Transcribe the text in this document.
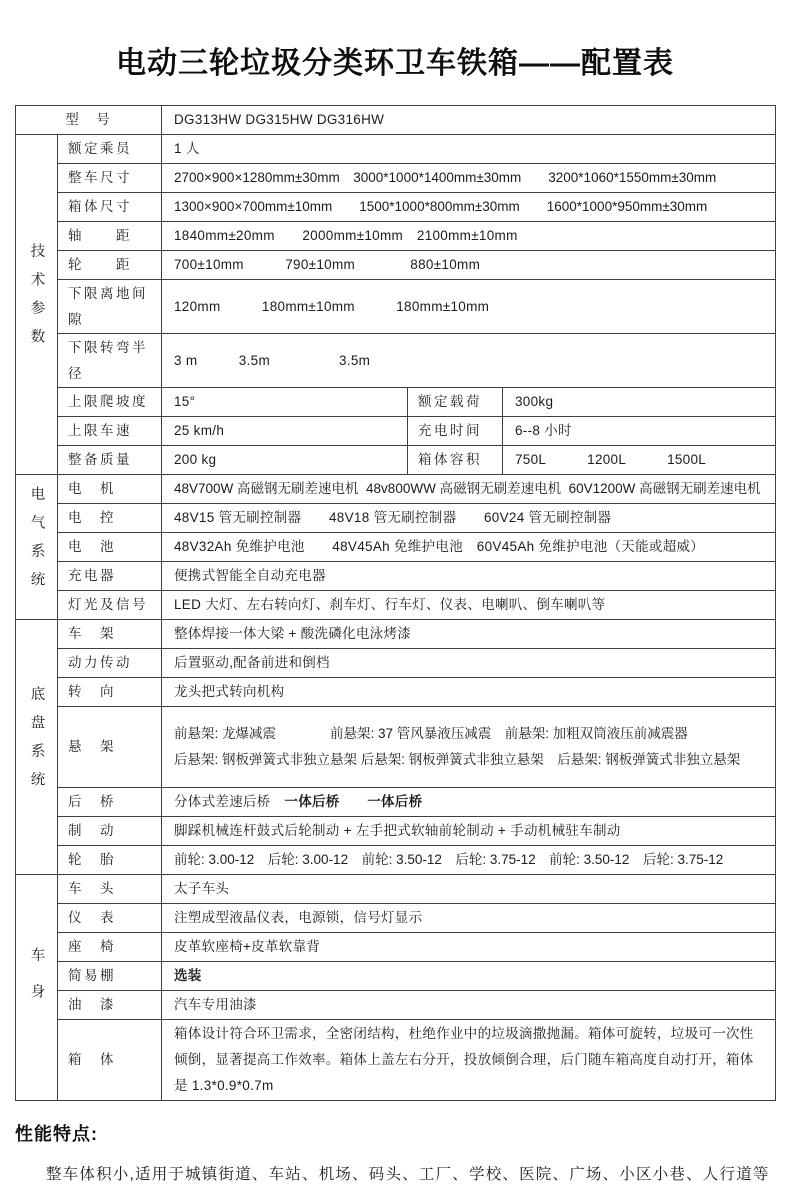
电动三轮垃圾分类环卫车铁箱——配置表
型　号		DG313HW DG315HW DG316HW		
技术参数	额定乘员	1 人		
	整车尺寸	2700×900×1280mm±30mm　3000*1000*1400mm±30mm　　3200*1060*1550mm±30mm		
	箱体尺寸	1300×900×700mm±10mm　　1500*1000*800mm±30mm　　1600*1000*950mm±30mm		
	轴　　距	1840mm±20mm　　2000mm±10mm　2100mm±10mm		
	轮　　距	700±10mm　　　790±10mm　　　　880±10mm		
	下限离地间隙	120mm　　　180mm±10mm　　　180mm±10mm		
	下限转弯半径	3 m　　　3.5m　　　　　3.5m		
	上限爬坡度	15°	额定载荷	300kg
	上限车速	25 km/h	充电时间	6--8 小时
	整备质量	200 kg	箱体容积	750L　　　1200L　　　1500L
电气系统	电　机	48V700W 高磁钢无刷差速电机  48v800WW 高磁钢无刷差速电机  60V1200W 高磁钢无刷差速电机		
	电　控	48V15 管无刷控制器　　48V18 管无刷控制器　　60V24 管无刷控制器		
	电　池	48V32Ah 免维护电池　　48V45Ah 免维护电池　60V45Ah 免维护电池（天能或超威）		
	充电器	便携式智能全自动充电器		
	灯光及信号	LED 大灯、左右转向灯、刹车灯、行车灯、仪表、电喇叭、倒车喇叭等		
底盘系统	车　架	整体焊接一体大梁 + 酸洗磷化电泳烤漆		
	动力传动	后置驱动,配备前进和倒档		
	转　向	龙头把式转向机构		
	悬　架	前悬架: 龙爆减震　　　　前悬架: 37 管风暴液压减震　前悬架: 加粗双筒液压前减震器
后悬架: 钢板弹簧式非独立悬架 后悬架: 钢板弹簧式非独立悬架　后悬架: 钢板弹簧式非独立悬架		
	后　桥	分体式差速后桥　一体后桥　　一体后桥		
	制　动	脚踩机械连杆鼓式后轮制动 + 左手把式软轴前轮制动 + 手动机械驻车制动		
	轮　胎	前轮: 3.00-12　后轮: 3.00-12　前轮: 3.50-12　后轮: 3.75-12　前轮: 3.50-12　后轮: 3.75-12		
车身	车　头	太子车头		
	仪　表	注塑成型液晶仪表，电源锁，信号灯显示		
	座　椅	皮革软座椅+皮革软靠背		
	简易棚	选装		
	油　漆	汽车专用油漆		
	箱　体	箱体设计符合环卫需求，全密闭结构，杜绝作业中的垃圾滴撒抛漏。箱体可旋转，垃圾可一次性倾倒，显著提高工作效率。箱体上盖左右分开，投放倾倒合理，后门随车箱高度自动打开，箱体是 1.3*0.9*0.7m		
性能特点:
整车体积小,适用于城镇街道、车站、机场、码头、工厂、学校、医院、广场、小区小巷、人行道等
